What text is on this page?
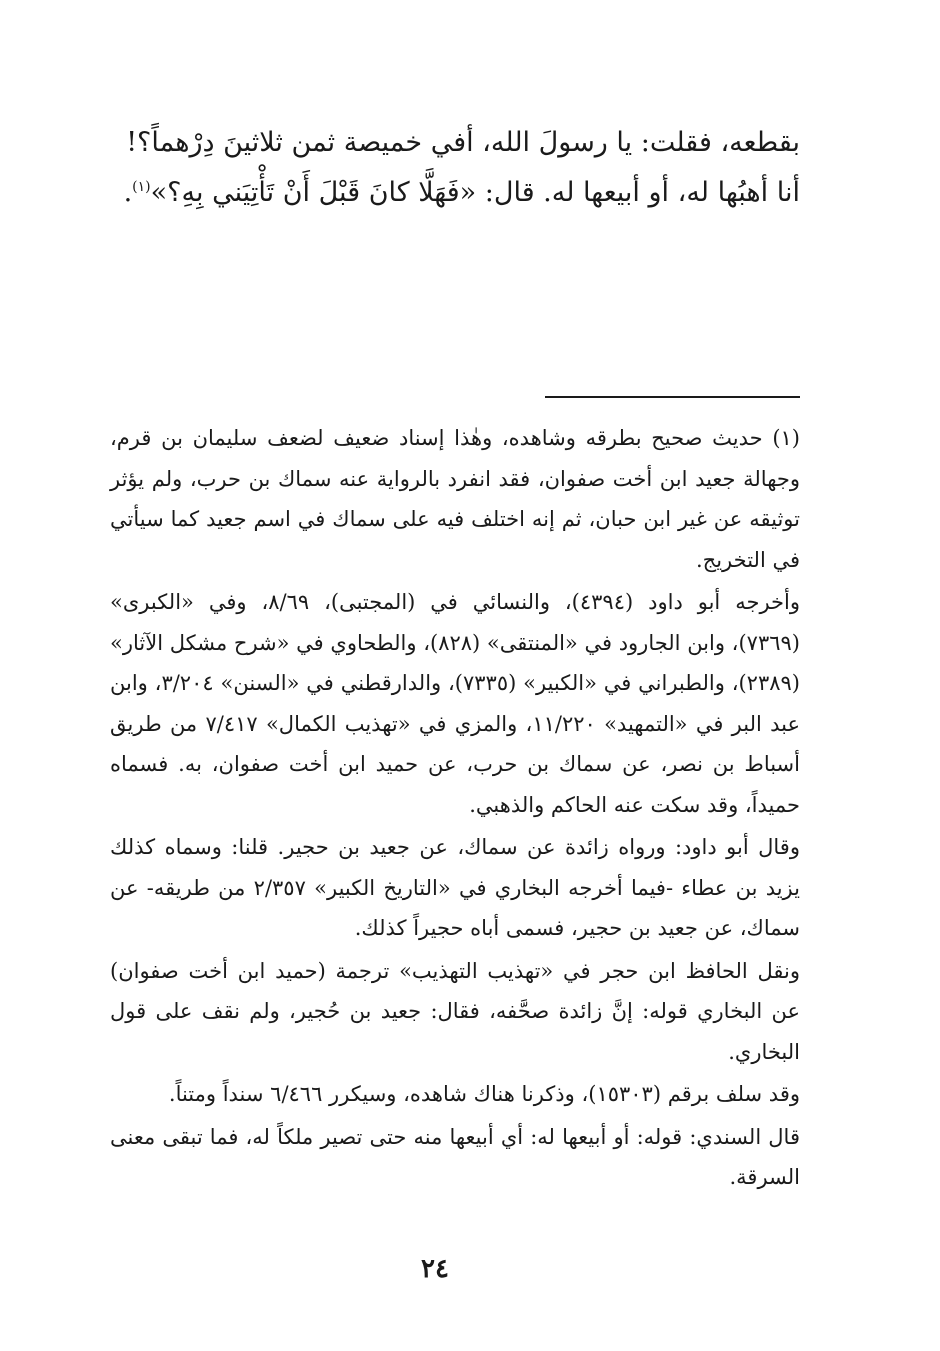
بقطعه، فقلت: يا رسولَ الله، أفي خميصة ثمن ثلاثينَ دِرْهماً؟!

أنا أهبُها له، أو أبيعها له. قال: «فَهَلَّا كانَ قَبْلَ أَنْ تَأْتِيَني بِهِ؟»$^{(١)}$.

(١) حديث صحيح بطرقه وشاهده، وهٰذا إسناد ضعيف لضعف سليمان بن قرم، وجهالة جعيد ابن أخت صفوان، فقد انفرد بالرواية عنه سماك بن حرب، ولم يؤثر توثيقه عن غير ابن حبان، ثم إنه اختلف فيه على سماك في اسم جعيد كما سيأتي في التخريج.

وأخرجه أبو داود (٤٣٩٤)، والنسائي في (المجتبى)، ٨/٦٩، وفي «الكبرى» (٧٣٦٩)، وابن الجارود في «المنتقى» (٨٢٨)، والطحاوي في «شرح مشكل الآثار» (٢٣٨٩)، والطبراني في «الكبير» (٧٣٣٥)، والدارقطني في «السنن» ٣/٢٠٤، وابن عبد البر في «التمهيد» ١١/٢٢٠، والمزي في «تهذيب الكمال» ٧/٤١٧ من طريق أسباط بن نصر، عن سماك بن حرب، عن حميد ابن أخت صفوان، به. فسماه حميداً، وقد سكت عنه الحاكم والذهبي.

وقال أبو داود: ورواه زائدة عن سماك، عن جعيد بن حجير. قلنا: وسماه كذلك يزيد بن عطاء -فيما أخرجه البخاري في «التاريخ الكبير» ٢/٣٥٧ من طريقه- عن سماك، عن جعيد بن حجير، فسمى أباه حجيراً كذلك.

ونقل الحافظ ابن حجر في «تهذيب التهذيب» ترجمة (حميد ابن أخت صفوان) عن البخاري قوله: إنَّ زائدة صحَّفه، فقال: جعيد بن حُجير، ولم نقف على قول البخاري.

وقد سلف برقم (١٥٣٠٣)، وذكرنا هناك شاهده، وسيكرر ٦/٤٦٦ سنداً ومتناً.

قال السندي: قوله: أو أبيعها له: أي أبيعها منه حتى تصير ملكاً له، فما تبقى معنى السرقة.

٢٤
